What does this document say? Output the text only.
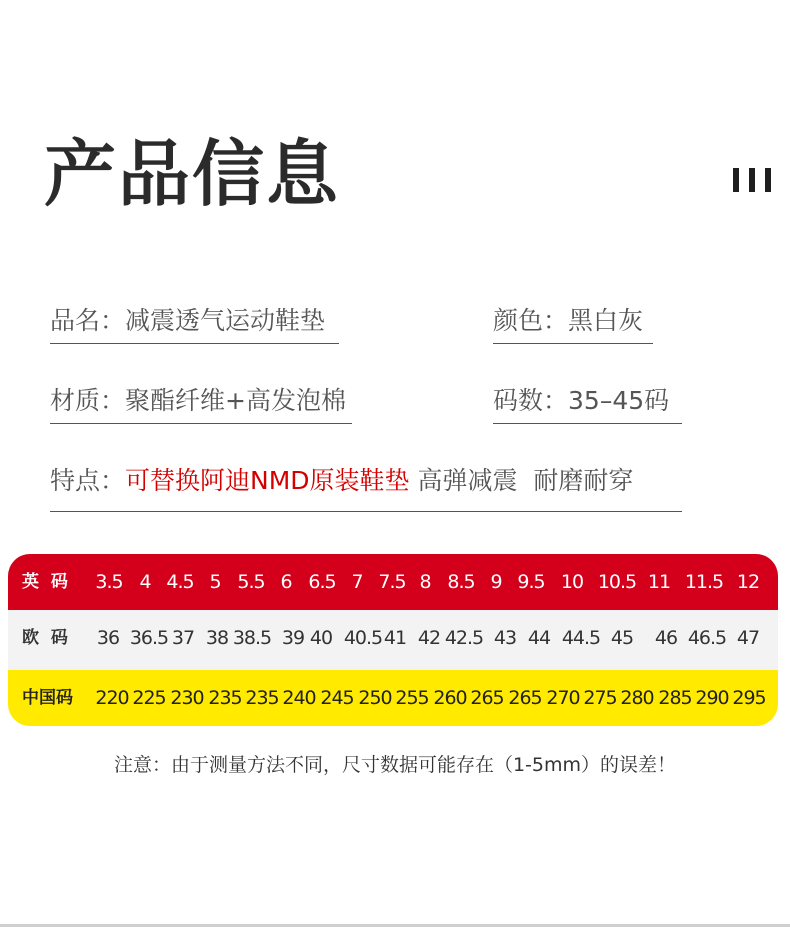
产品信息
品名：减震透气运动鞋垫	颜色：黑白灰
材质：聚酯纤维+高发泡棉	码数：35–45码
特点：可替换阿迪NMD原装鞋垫 高弹减震  耐磨耐穿
英  码 3.5 4 4.5 5 5.5 6 6.5 7 7.5 8 8.5 9 9.5 10 10.5 11 11.5 12
欧  码 36 36.5 37 38 38.5 39 40 40.5 41 42 42.5 43 44 44.5 45 46 46.5 47
中国码 220 225 230 235 235 240 245 250 255 260 265 265 270 275 280 285 290 295
注意：由于测量方法不同，尺寸数据可能存在（1-5mm）的误差！
